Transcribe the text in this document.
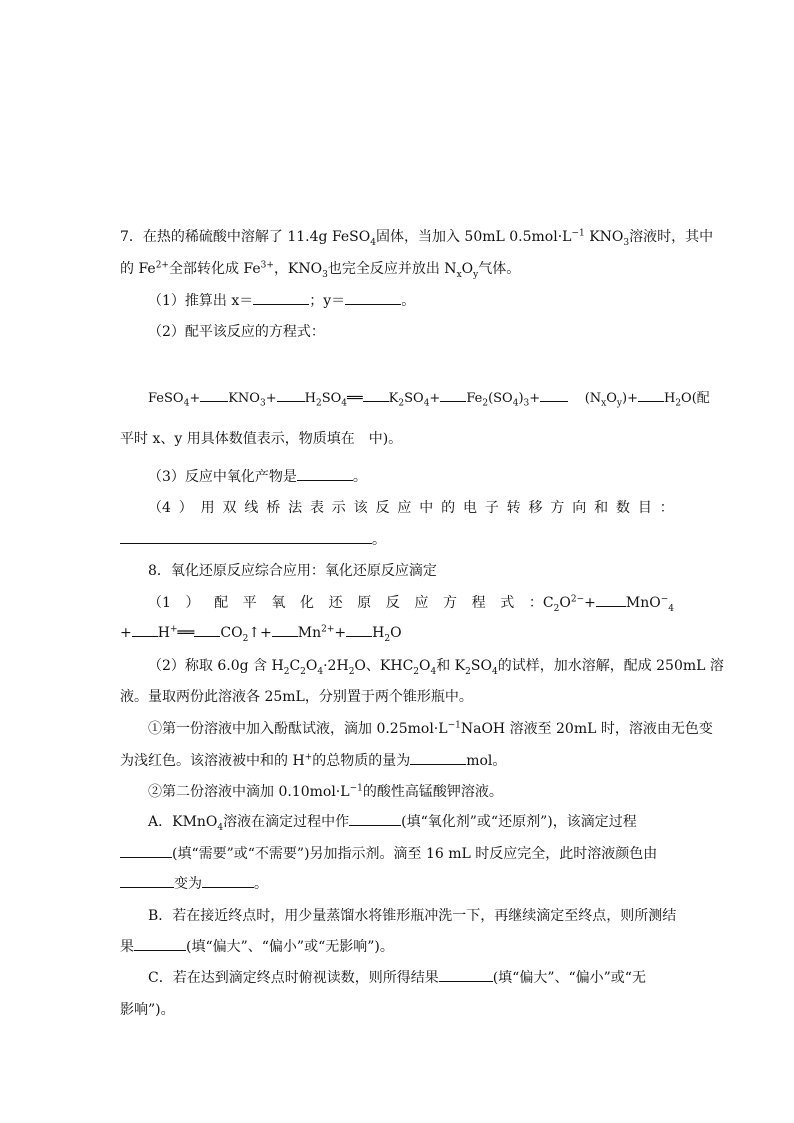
7．在热的稀硫酸中溶解了 11.4g FeSO$_4$固体，当加入 50mL $0.5mol\cdot L^{-1}$ $KNO_3$溶液时，其中
的 $Fe^{2+}$全部转化成 $Fe^{3+}$，$KNO_3$也完全反应并放出 $N_xO_y$气体。
（1）推算出 x＝	；y＝	。
（2）配平该反应的方程式：
FeSO$_4$+ $KNO_3+$ $H_2SO_4══$ $K_2SO_4+ Fe_2(SO_4)_3+$	$(N_xO_y)+ H_2O$(配
平时 x、y 用具体数值表示，物质填在　中)。
（3）反应中氧化产物是	。
（4 ） 用 双 线 桥 法 表 示 该 反 应 中 的 电 子 转 移 方 向 和 数 目 ：
。
8．氧化还原反应综合应用：氧化还原反应滴定
（1 ） 配 平 氧 化 还 原 反 应 方 程 式 ： $C_2O^{2-}+ MnO^-_4$
+ H+══ $CO_2↑+ Mn^{2+}+ H_2O$
（2）称取 6.0g 含 $H_2C_2O_4\cdot 2H_2O$、$KHC_2O_4$和 $K_2SO_4$的试样，加水溶解，配成 250mL 溶
液。量取两份此溶液各 25mL，分别置于两个锥形瓶中。
①第一份溶液中加入酚酞试液，滴加 $0.25mol\cdot L^{-1}NaOH$ 溶液至 20mL 时，溶液由无色变
为浅红色。该溶液被中和的 H+的总物质的量为	mol。
②第二份溶液中滴加 $0.10mol\cdot L^{-1}$的酸性高锰酸钾溶液。
A．KMnO$_4$溶液在滴定过程中作	(填“氧化剂”或“还原剂”)，该滴定过程
(填“需要”或“不需要”)另加指示剂。滴至 16 mL 时反应完全，此时溶液颜色由
变为	。
B．若在接近终点时，用少量蒸馏水将锥形瓶冲洗一下，再继续滴定至终点，则所测结
果	(填“偏大”、“偏小”或“无影响”)。
C．若在达到滴定终点时俯视读数，则所得结果	(填“偏大”、“偏小”或“无
影响”)。
